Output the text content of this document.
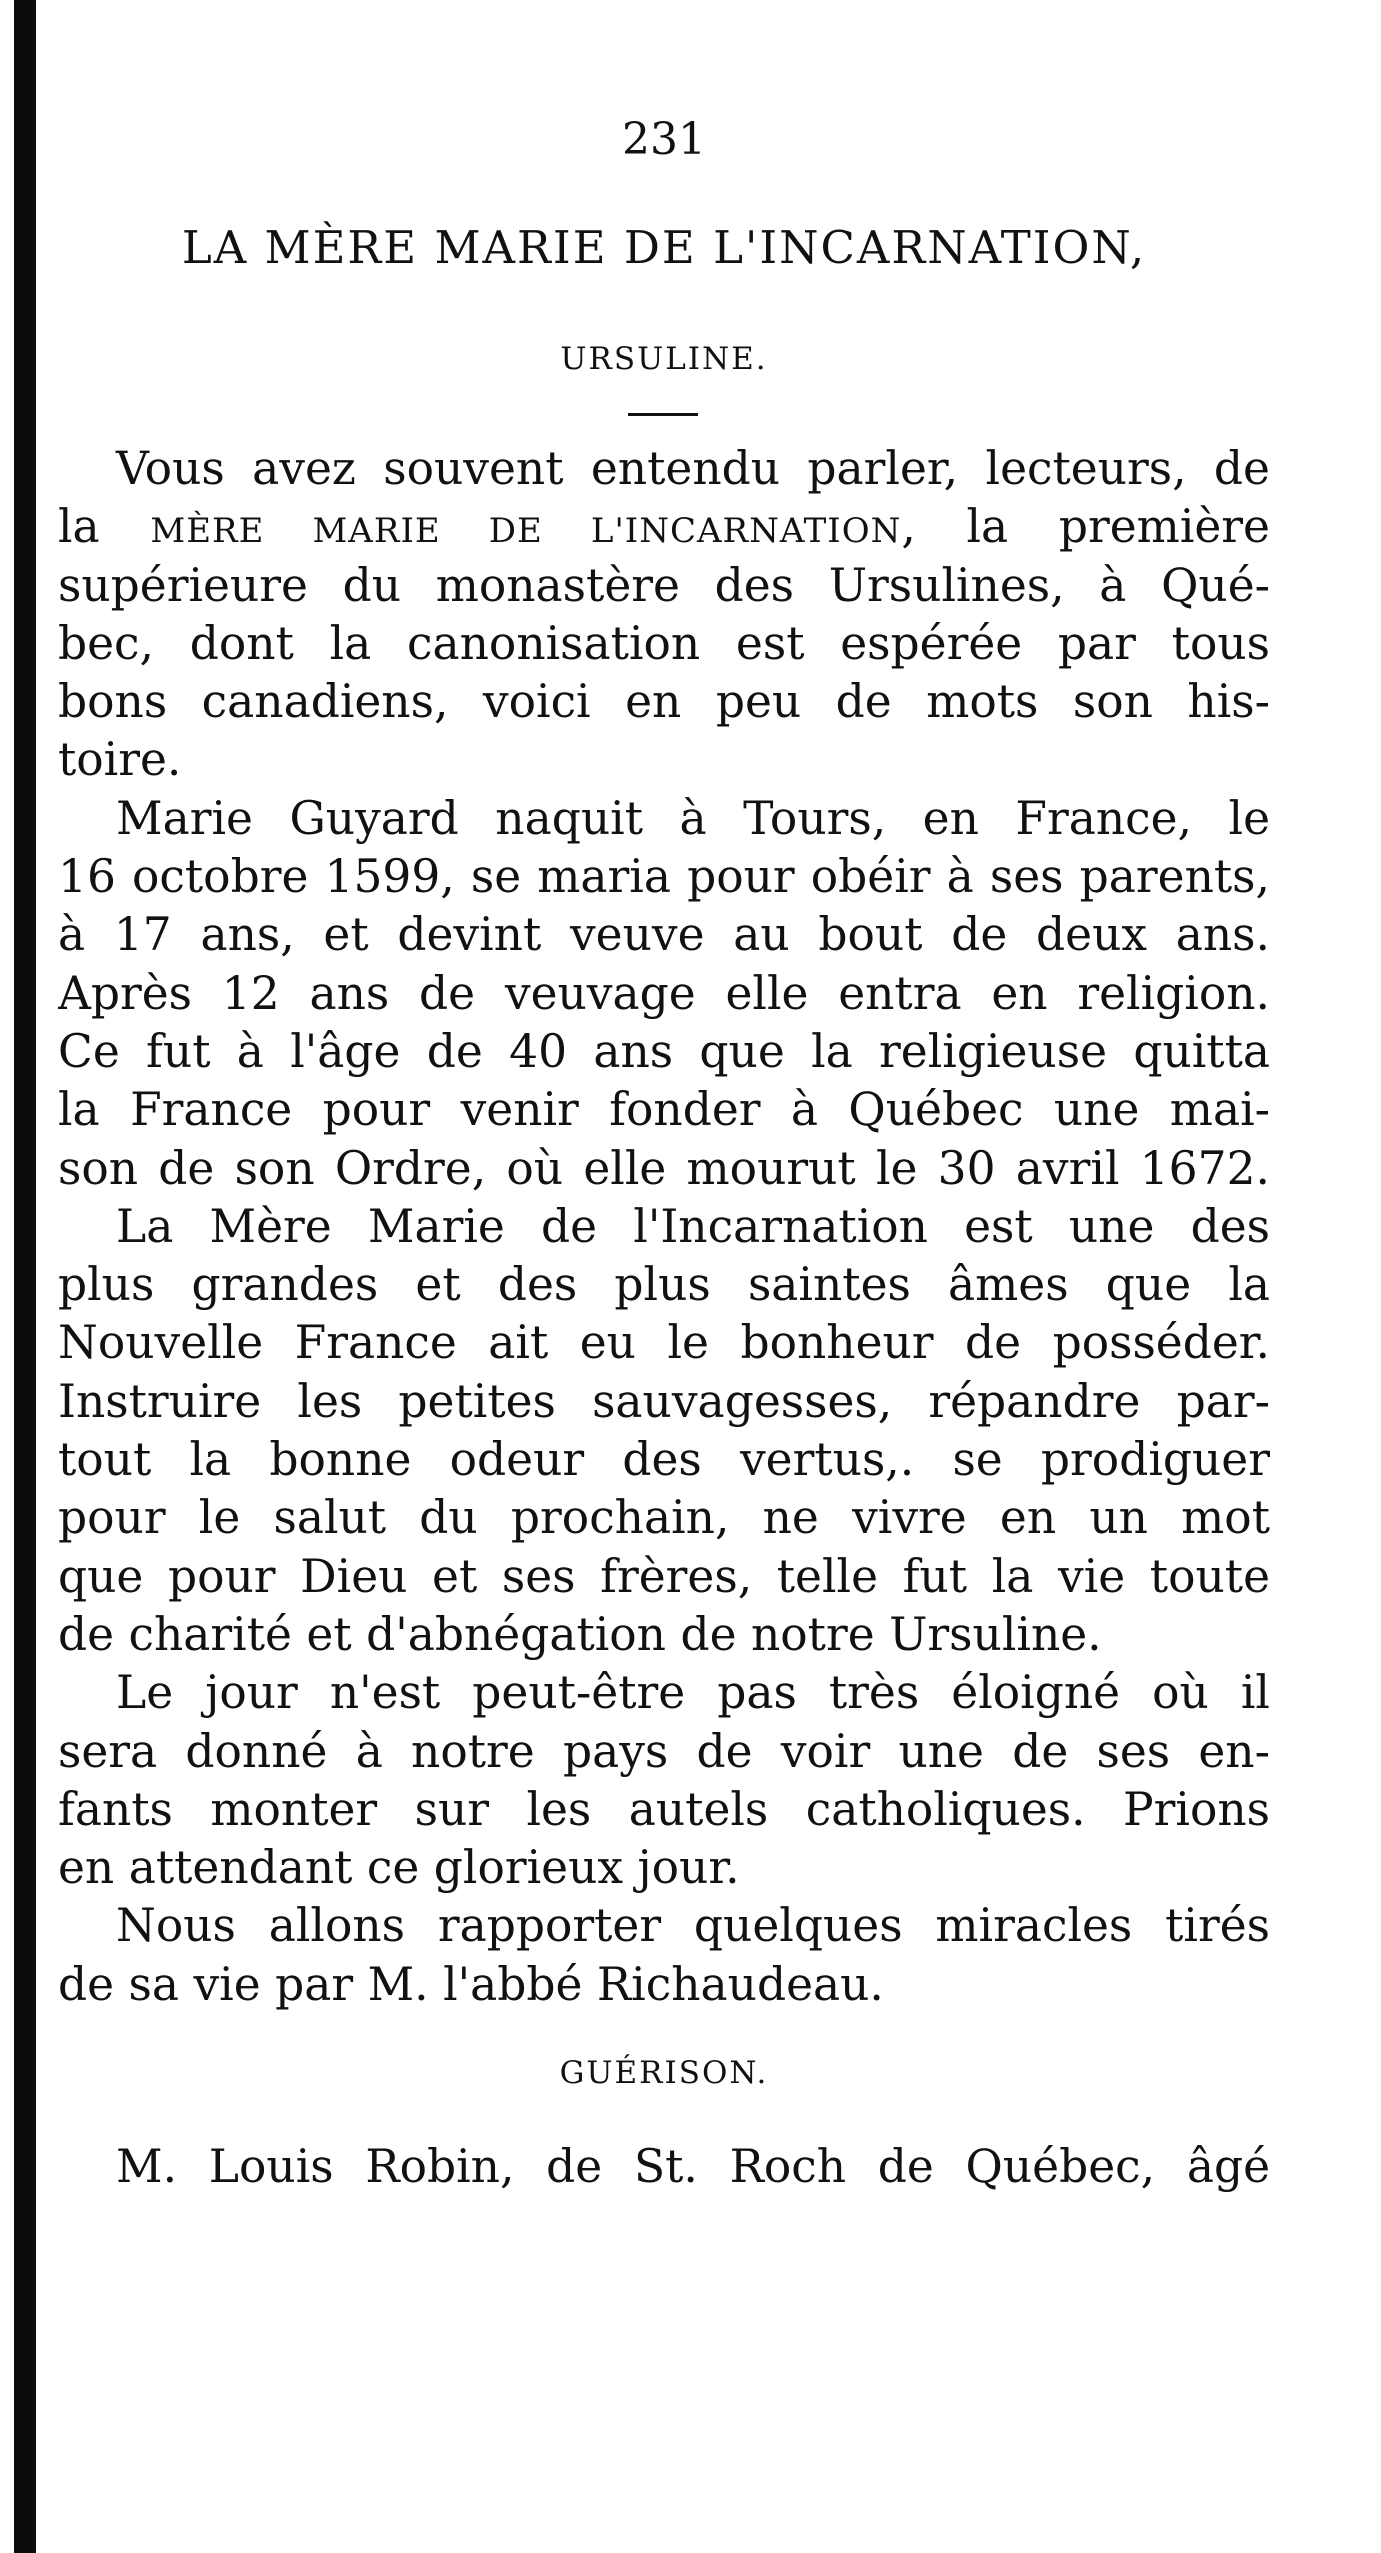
231
LA MÈRE MARIE DE L'INCARNATION,
URSULINE.
Vous avez souvent entendu parler, lecteurs, de
la MÈRE MARIE DE L'INCARNATION, la première
supérieure du monastère des Ursulines, à Qué-
bec, dont la canonisation est espérée par tous
bons canadiens, voici en peu de mots son his-
toire.
Marie Guyard naquit à Tours, en France, le
16 octobre 1599, se maria pour obéir à ses parents,
à 17 ans, et devint veuve au bout de deux ans.
Après 12 ans de veuvage elle entra en religion.
Ce fut à l'âge de 40 ans que la religieuse quitta
la France pour venir fonder à Québec une mai-
son de son Ordre, où elle mourut le 30 avril 1672.
La Mère Marie de l'Incarnation est une des
plus grandes et des plus saintes âmes que la
Nouvelle France ait eu le bonheur de posséder.
Instruire les petites sauvagesses, répandre par-
tout la bonne odeur des vertus,. se prodiguer
pour le salut du prochain, ne vivre en un mot
que pour Dieu et ses frères, telle fut la vie toute
de charité et d'abnégation de notre Ursuline.
Le jour n'est peut-être pas très éloigné où il
sera donné à notre pays de voir une de ses en-
fants monter sur les autels catholiques. Prions
en attendant ce glorieux jour.
Nous allons rapporter quelques miracles tirés
de sa vie par M. l'abbé Richaudeau.
GUÉRISON.
M. Louis Robin, de St. Roch de Québec, âgé
